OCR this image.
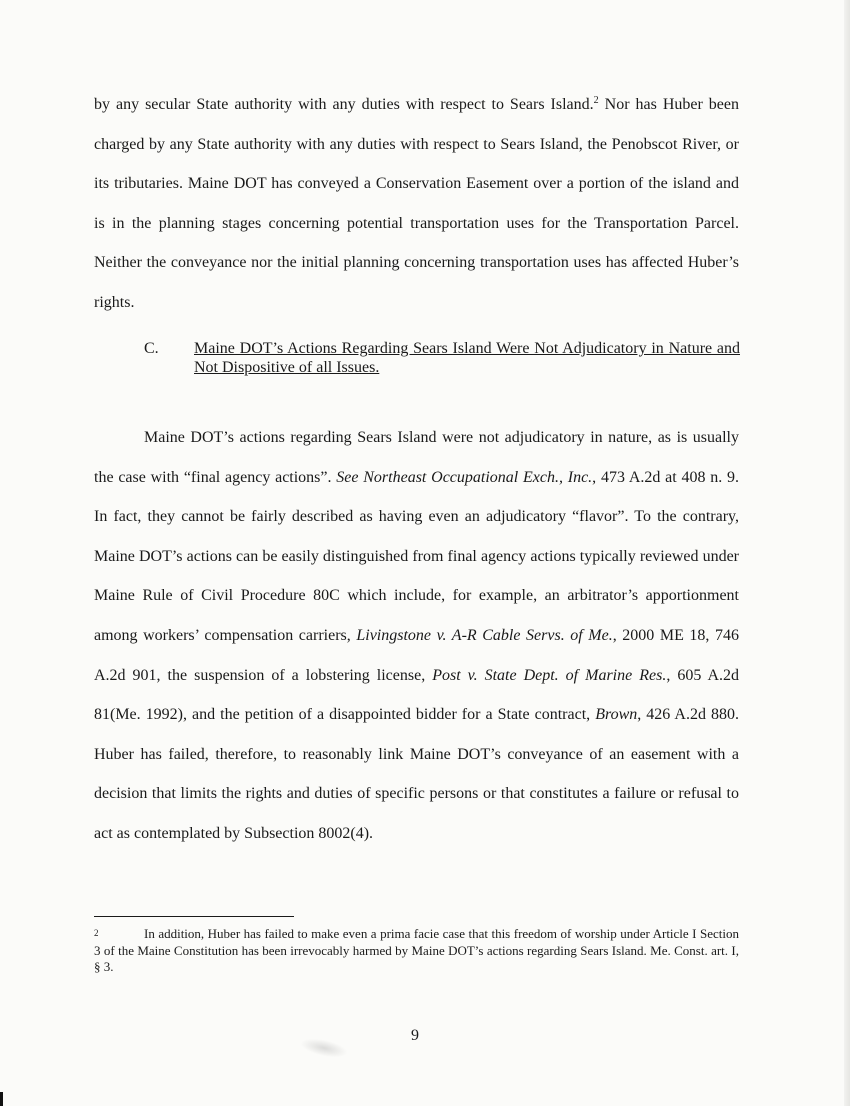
by any secular State authority with any duties with respect to Sears Island.$^2$ Nor has Huber been charged by any State authority with any duties with respect to Sears Island, the Penobscot River, or its tributaries. Maine DOT has conveyed a Conservation Easement over a portion of the island and is in the planning stages concerning potential transportation uses for the Transportation Parcel. Neither the conveyance nor the initial planning concerning transportation uses has affected Huber’s rights.

C.	Maine DOT’s Actions Regarding Sears Island Were Not Adjudicatory in Nature and Not Dispositive of all Issues.

Maine DOT’s actions regarding Sears Island were not adjudicatory in nature, as is usually the case with “final agency actions”. See Northeast Occupational Exch., Inc., 473 A.2d at 408 n. 9. In fact, they cannot be fairly described as having even an adjudicatory “flavor”. To the contrary, Maine DOT’s actions can be easily distinguished from final agency actions typically reviewed under Maine Rule of Civil Procedure 80C which include, for example, an arbitrator’s apportionment among workers’ compensation carriers, Livingstone v. A-R Cable Servs. of Me., 2000 ME 18, 746 A.2d 901, the suspension of a lobstering license, Post v. State Dept. of Marine Res., 605 A.2d 81(Me. 1992), and the petition of a disappointed bidder for a State contract, Brown, 426 A.2d 880. Huber has failed, therefore, to reasonably link Maine DOT’s conveyance of an easement with a decision that limits the rights and duties of specific persons or that constitutes a failure or refusal to act as contemplated by Subsection 8002(4).

2	In addition, Huber has failed to make even a prima facie case that this freedom of worship under Article I Section 3 of the Maine Constitution has been irrevocably harmed by Maine DOT’s actions regarding Sears Island. Me. Const. art. I, § 3.

9
